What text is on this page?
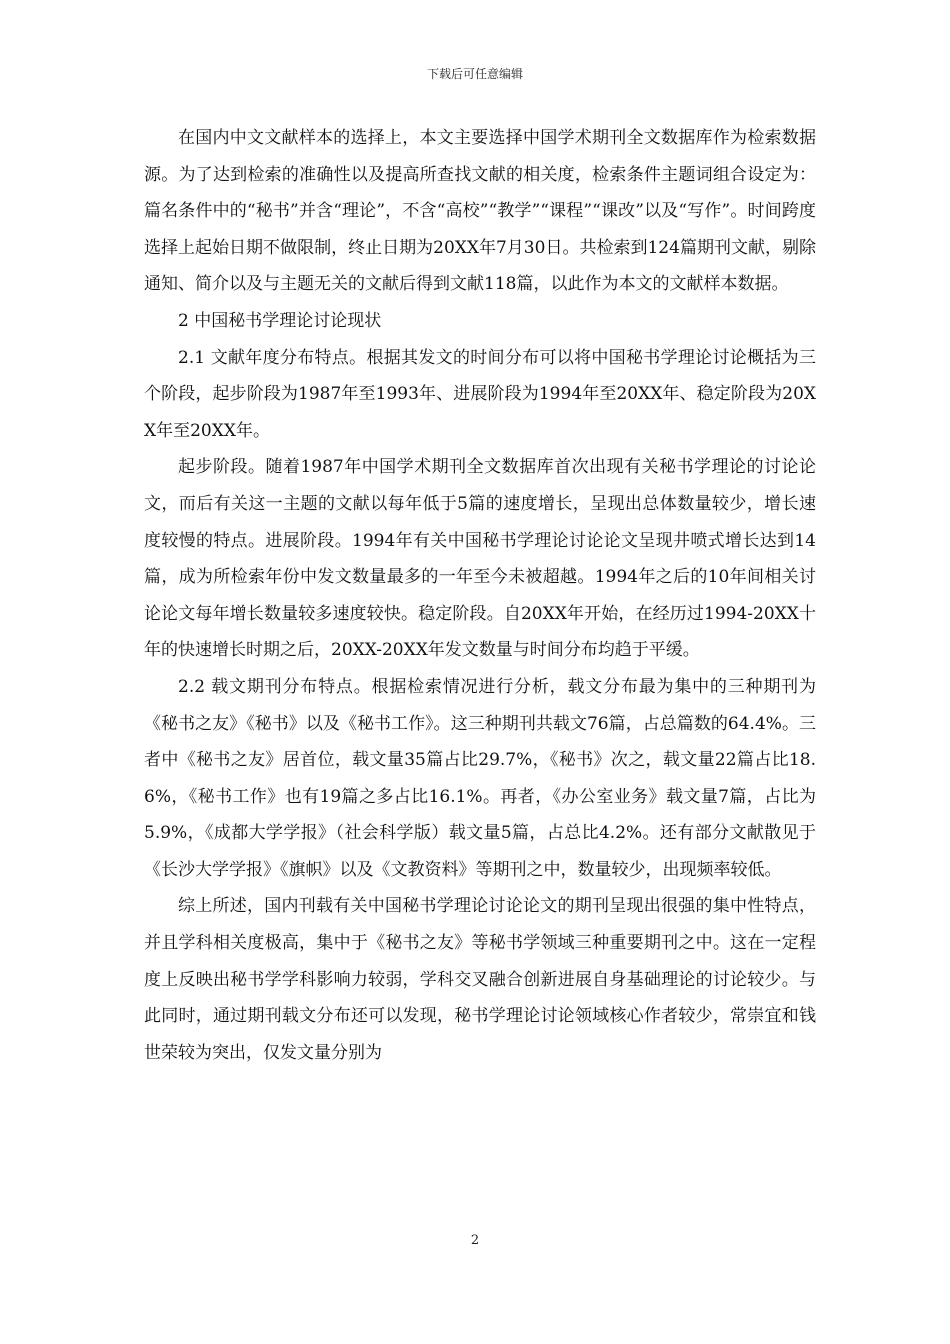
下载后可任意编辑

在国内中文文献样本的选择上，本文主要选择中国学术期刊全文数据库作为检索数据源。为了达到检索的准确性以及提高所查找文献的相关度，检索条件主题词组合设定为：篇名条件中的“秘书”并含“理论”，不含“高校”“教学”“课程”“课改”以及“写作”。时间跨度选择上起始日期不做限制，终止日期为20XX年7月30日。共检索到124篇期刊文献，剔除通知、简介以及与主题无关的文献后得到文献118篇，以此作为本文的文献样本数据。

2 中国秘书学理论讨论现状

2.1 文献年度分布特点。根据其发文的时间分布可以将中国秘书学理论讨论概括为三个阶段，起步阶段为1987年至1993年、进展阶段为1994年至20XX年、稳定阶段为20XX年至20XX年。

起步阶段。随着1987年中国学术期刊全文数据库首次出现有关秘书学理论的讨论论文，而后有关这一主题的文献以每年低于5篇的速度增长，呈现出总体数量较少，增长速度较慢的特点。进展阶段。1994年有关中国秘书学理论讨论论文呈现井喷式增长达到14篇，成为所检索年份中发文数量最多的一年至今未被超越。1994年之后的10年间相关讨论论文每年增长数量较多速度较快。稳定阶段。自20XX年开始，在经历过1994-20XX十年的快速增长时期之后，20XX-20XX年发文数量与时间分布均趋于平缓。

2.2 载文期刊分布特点。根据检索情况进行分析，载文分布最为集中的三种期刊为《秘书之友》《秘书》以及《秘书工作》。这三种期刊共载文76篇，占总篇数的64.4%。三者中《秘书之友》居首位，载文量35篇占比29.7%，《秘书》次之，载文量22篇占比18.6%，《秘书工作》也有19篇之多占比16.1%。再者，《办公室业务》载文量7篇，占比为5.9%，《成都大学学报》（社会科学版）载文量5篇，占总比4.2%。还有部分文献散见于《长沙大学学报》《旗帜》以及《文教资料》等期刊之中，数量较少，出现频率较低。

综上所述，国内刊载有关中国秘书学理论讨论论文的期刊呈现出很强的集中性特点，并且学科相关度极高，集中于《秘书之友》等秘书学领域三种重要期刊之中。这在一定程度上反映出秘书学学科影响力较弱，学科交叉融合创新进展自身基础理论的讨论较少。与此同时，通过期刊载文分布还可以发现，秘书学理论讨论领域核心作者较少，常崇宜和钱世荣较为突出，仅发文量分别为

2
